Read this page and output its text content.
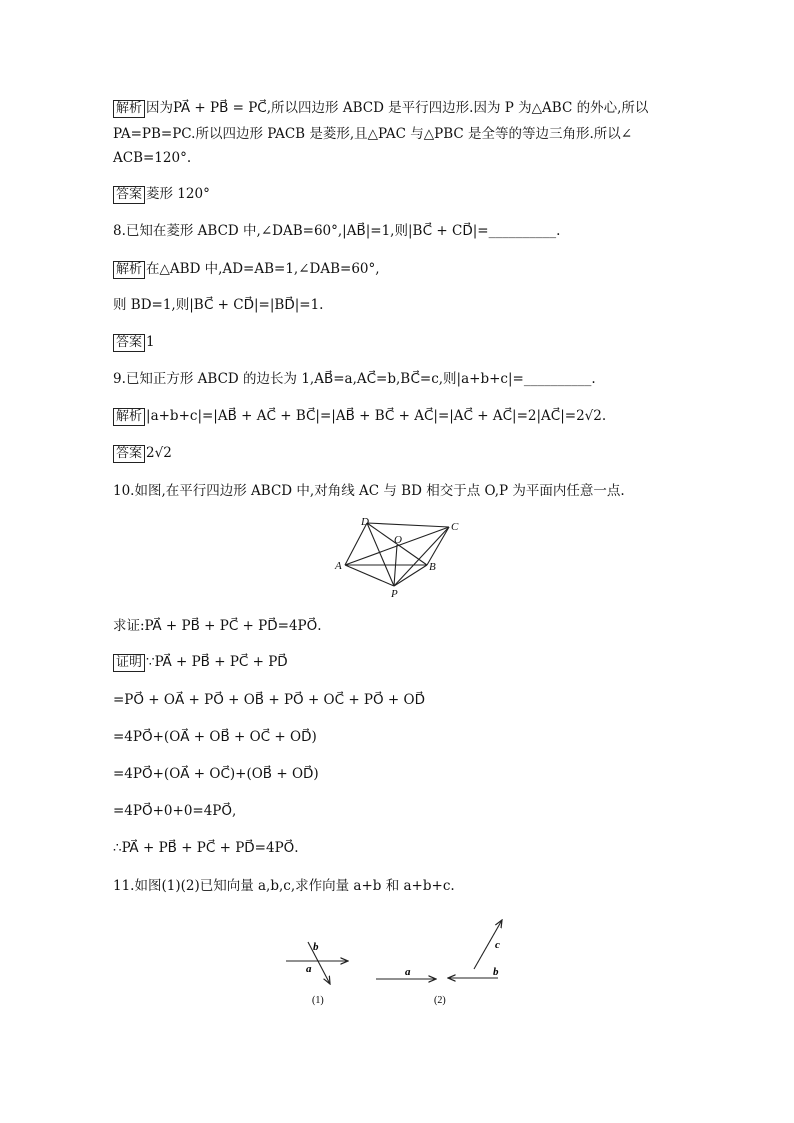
解析 因为PA⃗ + PB⃗ = PC⃗,所以四边形 ABCD 是平行四边形.因为 P 为△ABC 的外心,所以
PA=PB=PC.所以四边形 PACB 是菱形,且△PAC 与△PBC 是全等的等边三角形.所以∠
ACB=120°.
答案 菱形 120°
8.已知在菱形 ABCD 中,∠DAB=60°,|AB⃗|=1,则|BC⃗ + CD⃗|=__________.
解析 在△ABD 中,AD=AB=1,∠DAB=60°,
则 BD=1,则|BC⃗ + CD⃗|=|BD⃗|=1.
答案 1
9.已知正方形 ABCD 的边长为 1,AB⃗=a,AC⃗=b,BC⃗=c,则|a+b+c|=__________.
解析 |a+b+c|=|AB⃗ + AC⃗ + BC⃗|=|AB⃗ + BC⃗ + AC⃗|=|AC⃗ + AC⃗|=2|AC⃗|=2√2.
答案 2√2
10.如图,在平行四边形 ABCD 中,对角线 AC 与 BD 相交于点 O,P 为平面内任意一点.
D	C
O
A	B
P
求证:PA⃗ + PB⃗ + PC⃗ + PD⃗=4PO⃗.
证明 ∵PA⃗ + PB⃗ + PC⃗ + PD⃗
=PO⃗ + OA⃗ + PO⃗ + OB⃗ + PO⃗ + OC⃗ + PO⃗ + OD⃗
=4PO⃗+(OA⃗ + OB⃗ + OC⃗ + OD⃗)
=4PO⃗+(OA⃗ + OC⃗)+(OB⃗ + OD⃗)
=4PO⃗+0+0=4PO⃗,
∴PA⃗ + PB⃗ + PC⃗ + PD⃗=4PO⃗.
11.如图(1)(2)已知向量 a,b,c,求作向量 a+b 和 a+b+c.
b
a
(1)
a	b
c
(2)
